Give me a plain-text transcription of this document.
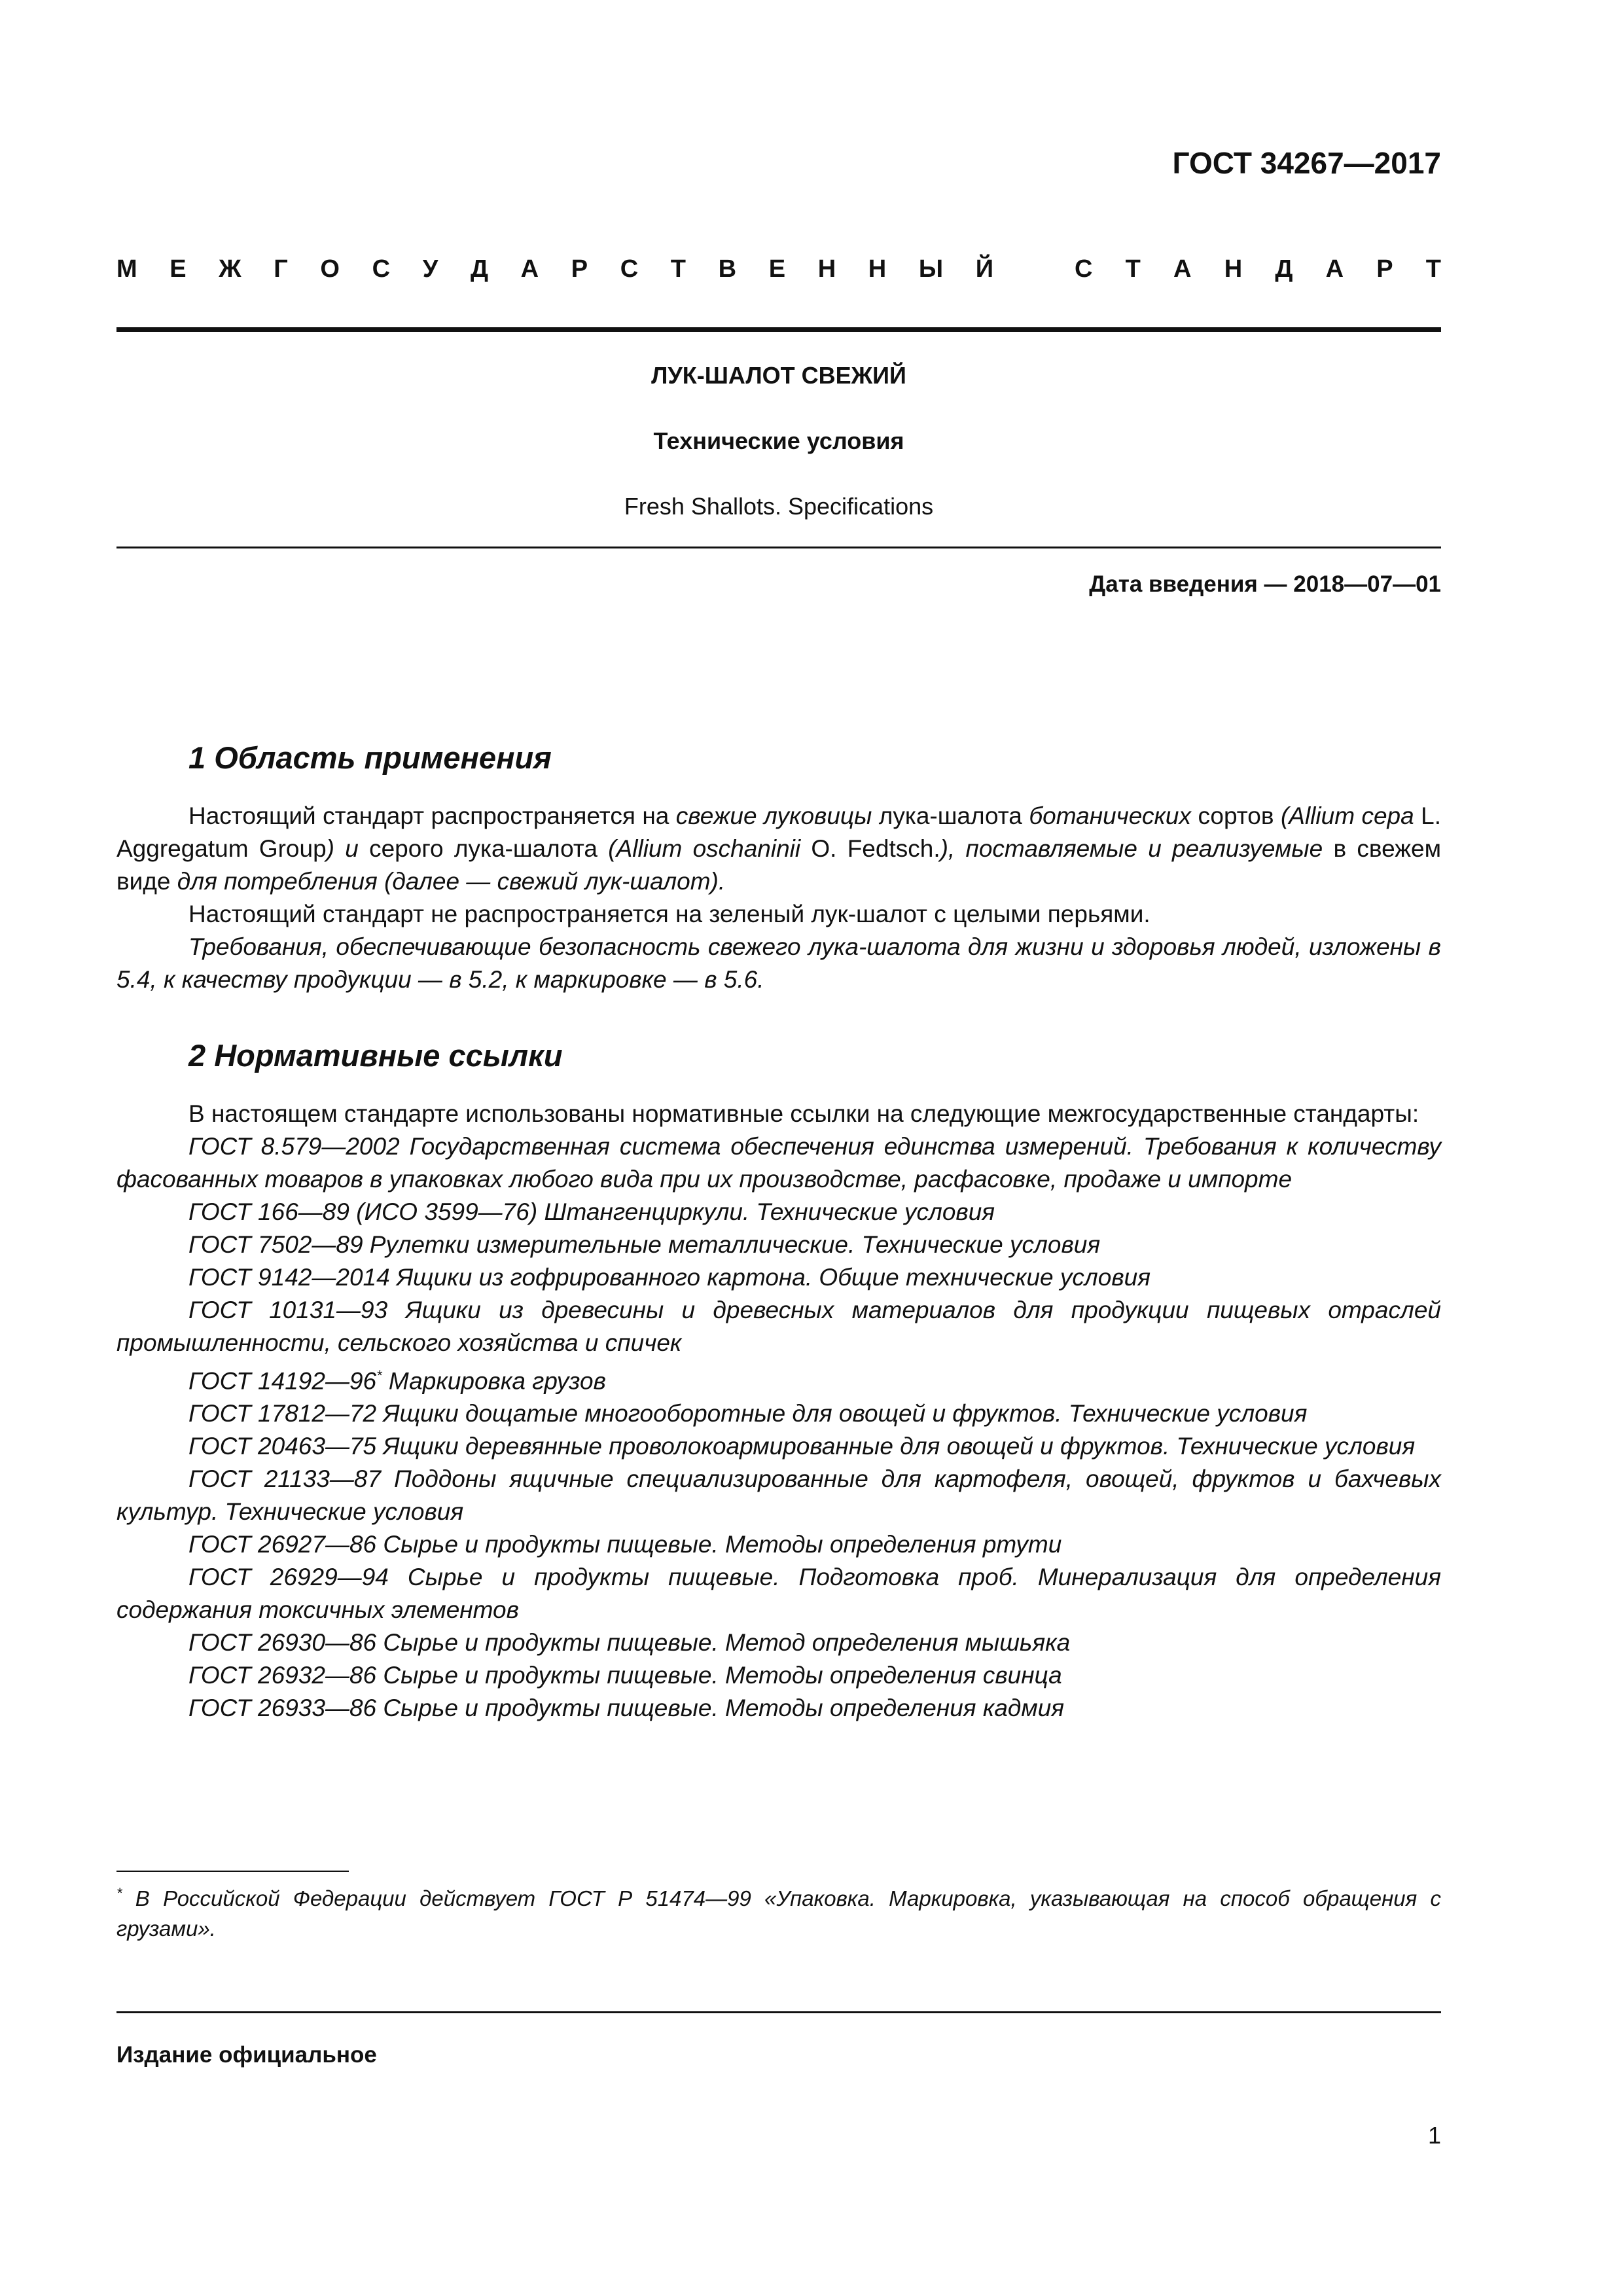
ГОСТ 34267—2017
М Е Ж Г О С У Д А Р С Т В Е Н Н Ы Й	С Т А Н Д А Р Т
ЛУК-ШАЛОТ СВЕЖИЙ
Технические условия
Fresh Shallots. Specifications
Дата введения — 2018—07—01
1 Область применения

Настоящий стандарт распространяется на свежие луковицы лука-шалота ботанических сортов (Allium cepa L. Aggregatum Group) и серого лука-шалота (Allium oschaninii O. Fedtsch.), поставляемые и реализуемые в свежем виде для потребления (далее — свежий лук-шалот).

Настоящий стандарт не распространяется на зеленый лук-шалот с целыми перьями.

Требования, обеспечивающие безопасность свежего лука-шалота для жизни и здоровья людей, изложены в 5.4, к качеству продукции — в 5.2, к маркировке — в 5.6.

2 Нормативные ссылки

В настоящем стандарте использованы нормативные ссылки на следующие межгосударственные стандарты:

ГОСТ 8.579—2002 Государственная система обеспечения единства измерений. Требования к количеству фасованных товаров в упаковках любого вида при их производстве, расфасовке, продаже и импорте

ГОСТ 166—89 (ИСО 3599—76) Штангенциркули. Технические условия

ГОСТ 7502—89 Рулетки измерительные металлические. Технические условия

ГОСТ 9142—2014 Ящики из гофрированного картона. Общие технические условия

ГОСТ 10131—93 Ящики из древесины и древесных материалов для продукции пищевых отраслей промышленности, сельского хозяйства и спичек

ГОСТ 14192—96* Маркировка грузов

ГОСТ 17812—72 Ящики дощатые многооборотные для овощей и фруктов. Технические условия

ГОСТ 20463—75 Ящики деревянные проволокоармированные для овощей и фруктов. Технические условия

ГОСТ 21133—87 Поддоны ящичные специализированные для картофеля, овощей, фруктов и бахчевых культур. Технические условия

ГОСТ 26927—86 Сырье и продукты пищевые. Методы определения ртути

ГОСТ 26929—94 Сырье и продукты пищевые. Подготовка проб. Минерализация для определения содержания токсичных элементов

ГОСТ 26930—86 Сырье и продукты пищевые. Метод определения мышьяка

ГОСТ 26932—86 Сырье и продукты пищевые. Методы определения свинца

ГОСТ 26933—86 Сырье и продукты пищевые. Методы определения кадмия

* В Российской Федерации действует ГОСТ Р 51474—99 «Упаковка. Маркировка, указывающая на способ обращения с грузами».
Издание официальное
1
